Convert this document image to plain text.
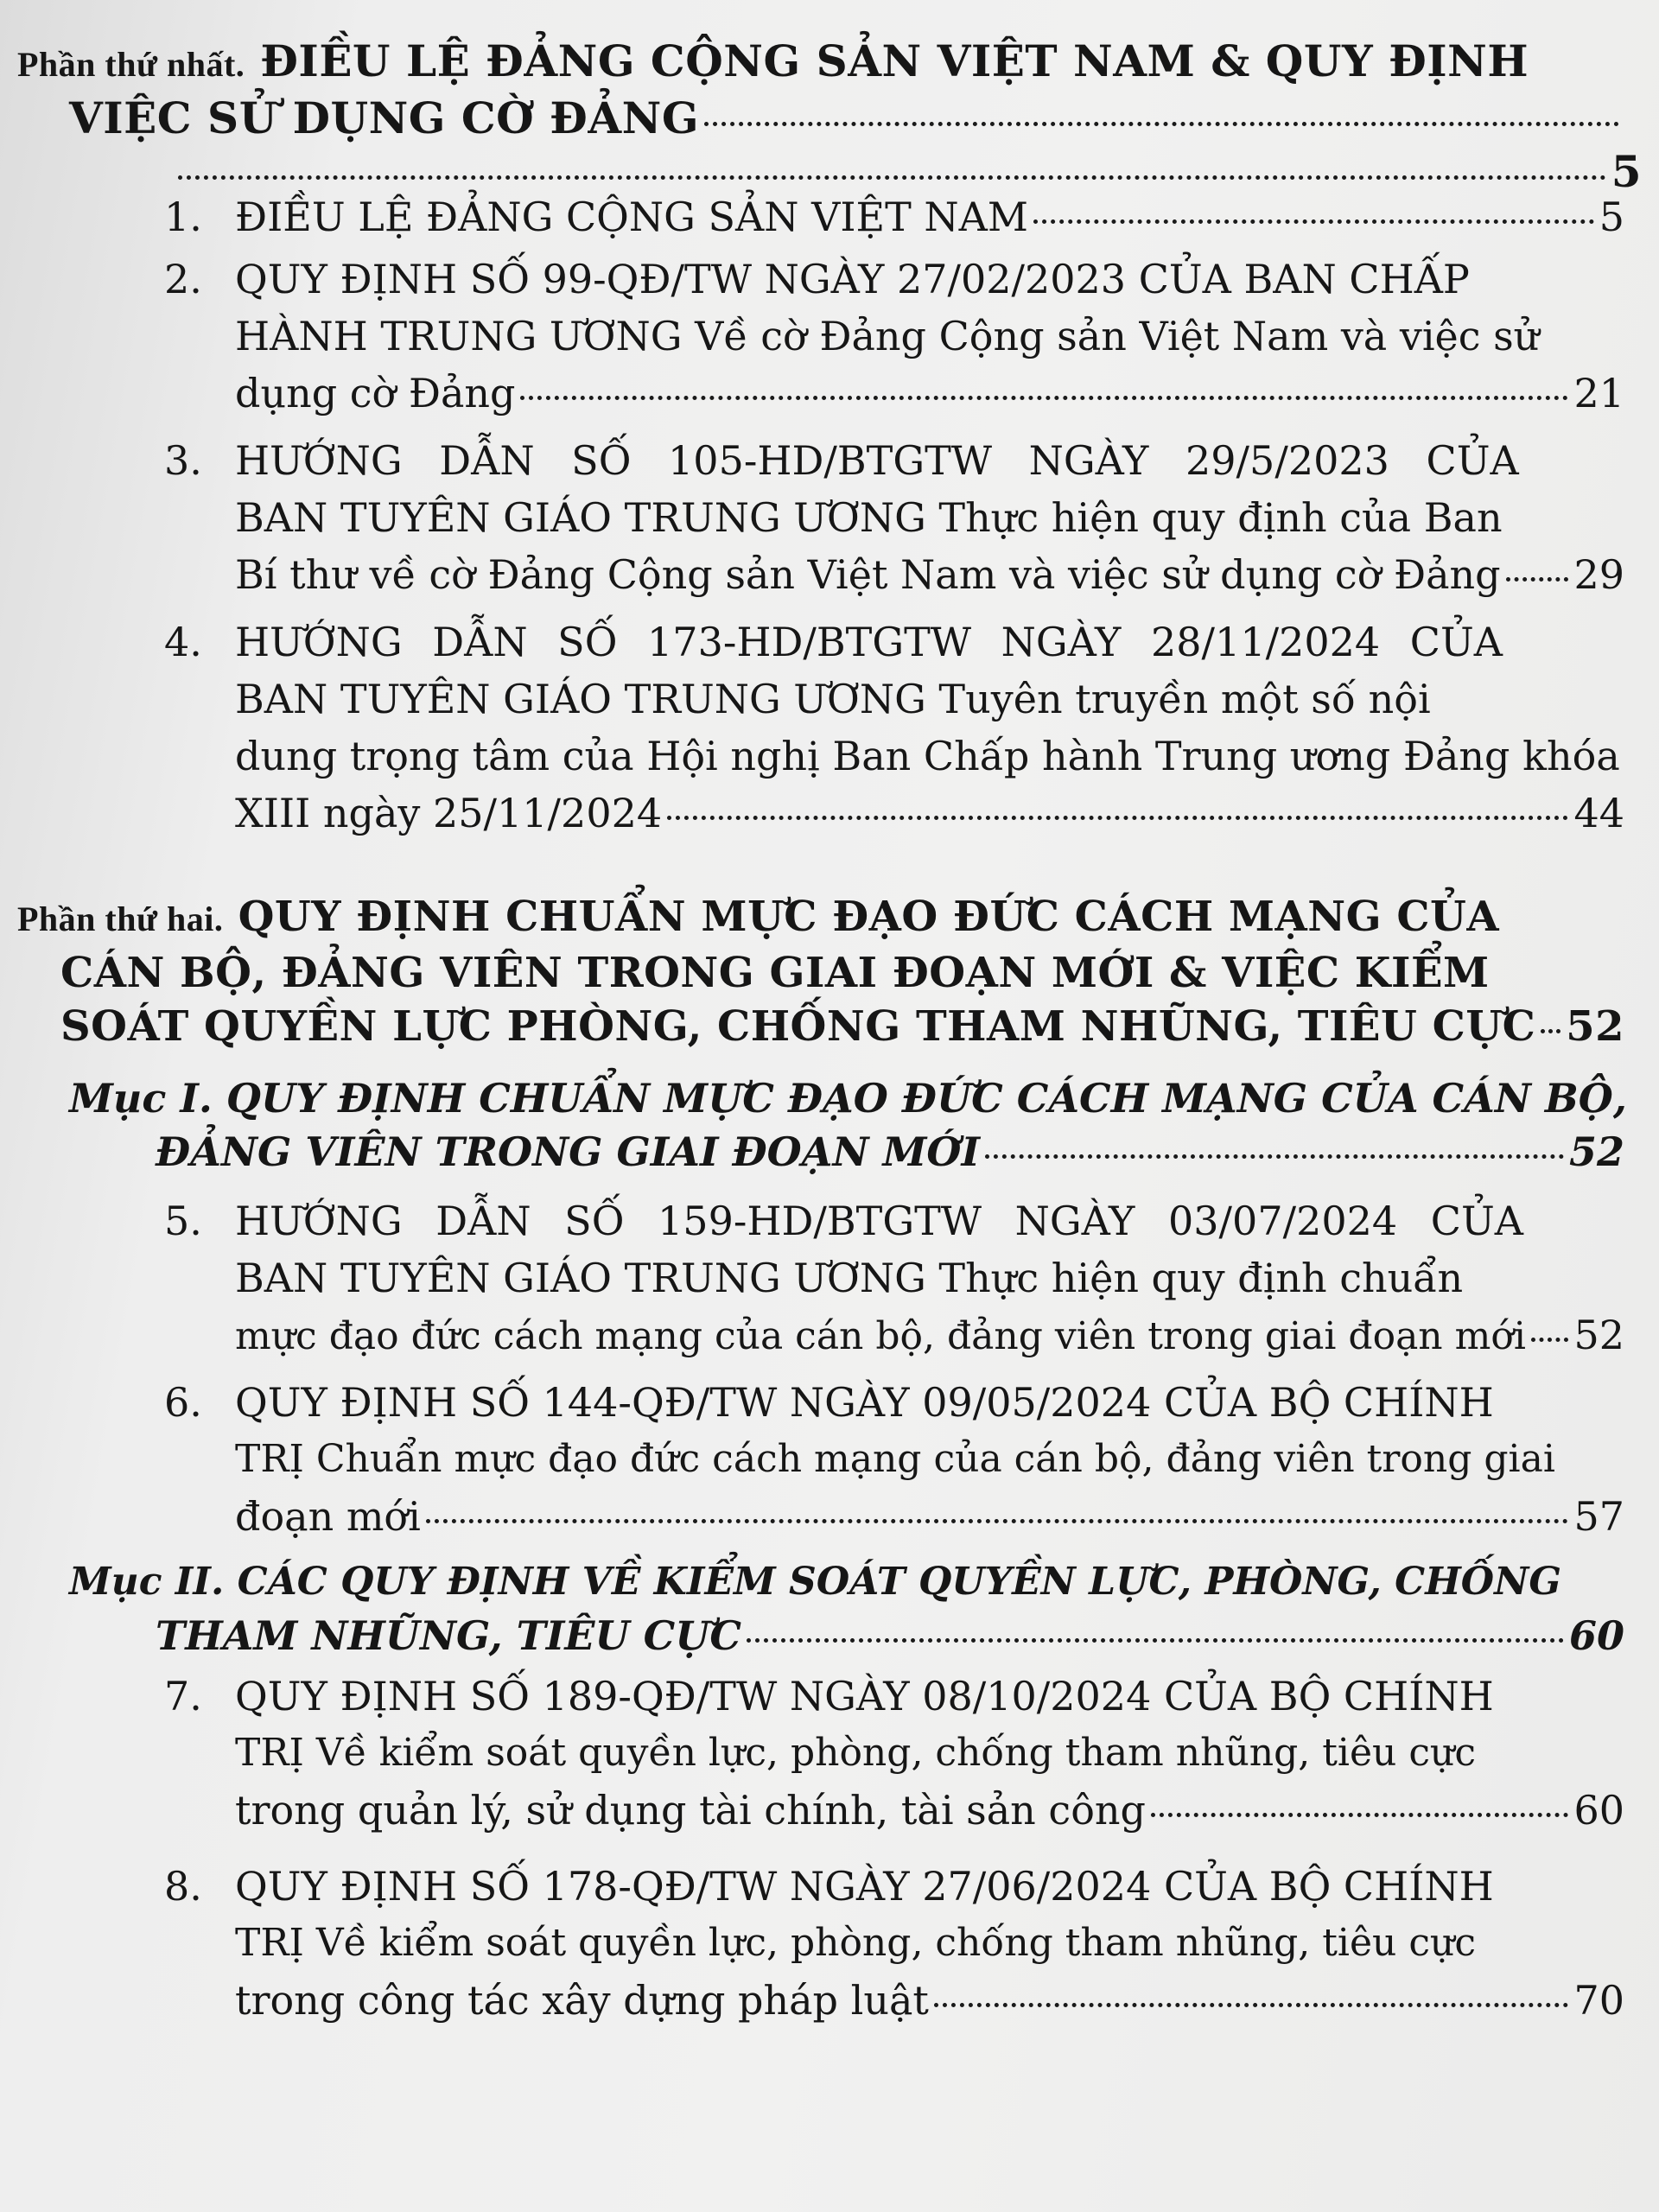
Phần thứ nhất. ĐIỀU LỆ ĐẢNG CỘNG SẢN VIỆT NAM & QUY ĐỊNH
VIỆC SỬ DỤNG CỜ ĐẢNG
5
1. ĐIỀU LỆ ĐẢNG CỘNG SẢN VIỆT NAM	5
2. QUY ĐỊNH SỐ 99-QĐ/TW NGÀY 27/02/2023 CỦA BAN CHẤP
HÀNH TRUNG ƯƠNG Về cờ Đảng Cộng sản Việt Nam và việc sử
dụng cờ Đảng	21
3. HƯỚNG DẪN SỐ 105-HD/BTGTW NGÀY 29/5/2023 CỦA
BAN TUYÊN GIÁO TRUNG ƯƠNG Thực hiện quy định của Ban
Bí thư về cờ Đảng Cộng sản Việt Nam và việc sử dụng cờ Đảng 29
4. HƯỚNG DẪN SỐ 173-HD/BTGTW NGÀY 28/11/2024 CỦA
BAN TUYÊN GIÁO TRUNG ƯƠNG Tuyên truyền một số nội
dung trọng tâm của Hội nghị Ban Chấp hành Trung ương Đảng khóa
XIII ngày 25/11/2024	44
Phần thứ hai. QUY ĐỊNH CHUẨN MỰC ĐẠO ĐỨC CÁCH MẠNG CỦA
CÁN BỘ, ĐẢNG VIÊN TRONG GIAI ĐOẠN MỚI & VIỆC KIỂM
SOÁT QUYỀN LỰC PHÒNG, CHỐNG THAM NHŨNG, TIÊU CỰC 52
Mục I. QUY ĐỊNH CHUẨN MỰC ĐẠO ĐỨC CÁCH MẠNG CỦA CÁN BỘ,
ĐẢNG VIÊN TRONG GIAI ĐOẠN MỚI	52
5. HƯỚNG DẪN SỐ 159-HD/BTGTW NGÀY 03/07/2024 CỦA
BAN TUYÊN GIÁO TRUNG ƯƠNG Thực hiện quy định chuẩn
mực đạo đức cách mạng của cán bộ, đảng viên trong giai đoạn mới 52
6. QUY ĐỊNH SỐ 144-QĐ/TW NGÀY 09/05/2024 CỦA BỘ CHÍNH
TRỊ Chuẩn mực đạo đức cách mạng của cán bộ, đảng viên trong giai
đoạn mới	57
Mục II. CÁC QUY ĐỊNH VỀ KIỂM SOÁT QUYỀN LỰC, PHÒNG, CHỐNG
THAM NHŨNG, TIÊU CỰC	60
7. QUY ĐỊNH SỐ 189-QĐ/TW NGÀY 08/10/2024 CỦA BỘ CHÍNH
TRỊ Về kiểm soát quyền lực, phòng, chống tham nhũng, tiêu cực
trong quản lý, sử dụng tài chính, tài sản công	60
8. QUY ĐỊNH SỐ 178-QĐ/TW NGÀY 27/06/2024 CỦA BỘ CHÍNH
TRỊ Về kiểm soát quyền lực, phòng, chống tham nhũng, tiêu cực
trong công tác xây dựng pháp luật	70
